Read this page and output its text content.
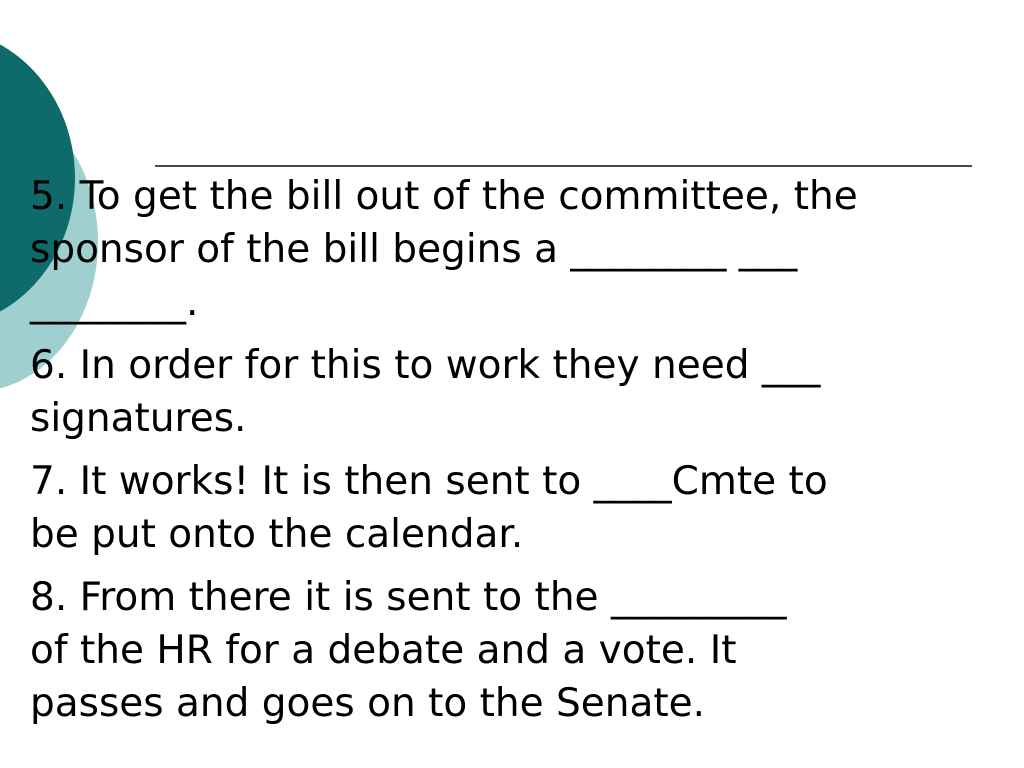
5. To get the bill out of the committee, the
sponsor of the bill begins a ________ ___
________.
6. In order for this to work they need ___
signatures.
7. It works! It is then sent to ____Cmte to
be put onto the calendar.
8. From there it is sent to the _________
of the HR for a debate and a vote. It
passes and goes on to the Senate.
